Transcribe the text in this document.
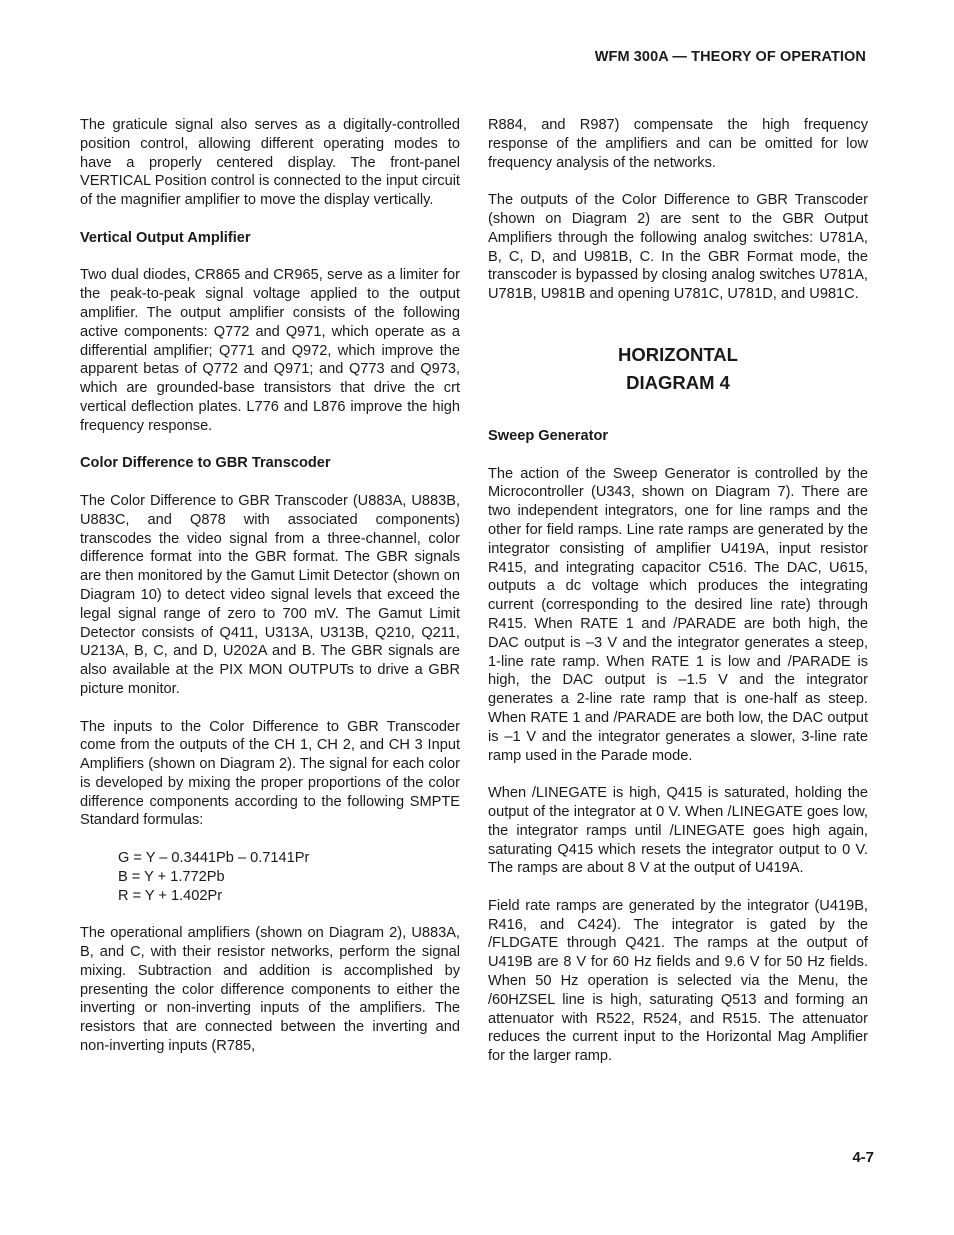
WFM 300A — THEORY OF OPERATION

The graticule signal also serves as a digitally-controlled position control, allowing different operating modes to have a properly centered display. The front-panel VERTICAL Position control is connected to the input circuit of the magnifier amplifier to move the display vertically.

Vertical Output Amplifier

Two dual diodes, CR865 and CR965, serve as a limiter for the peak-to-peak signal voltage applied to the output amplifier. The output amplifier consists of the following active components: Q772 and Q971, which operate as a differential amplifier; Q771 and Q972, which improve the apparent betas of Q772 and Q971; and Q773 and Q973, which are grounded-base transistors that drive the crt vertical deflection plates. L776 and L876 improve the high frequency response.

Color Difference to GBR Transcoder

The Color Difference to GBR Transcoder (U883A, U883B, U883C, and Q878 with associated components) transcodes the video signal from a three-channel, color difference format into the GBR format. The GBR signals are then monitored by the Gamut Limit Detector (shown on Diagram 10) to detect video signal levels that exceed the legal signal range of zero to 700 mV. The Gamut Limit Detector consists of Q411, U313A, U313B, Q210, Q211, U213A, B, C, and D, U202A and B. The GBR signals are also available at the PIX MON OUTPUTs to drive a GBR picture monitor.

The inputs to the Color Difference to GBR Transcoder come from the outputs of the CH 1, CH 2, and CH 3 Input Amplifiers (shown on Diagram 2). The signal for each color is developed by mixing the proper proportions of the color difference components according to the following SMPTE Standard formulas:

G = Y – 0.3441Pb – 0.7141Pr
B = Y + 1.772Pb
R = Y + 1.402Pr

The operational amplifiers (shown on Diagram 2), U883A, B, and C, with their resistor networks, perform the signal mixing. Subtraction and addition is accomplished by presenting the color difference components to either the inverting or non-inverting inputs of the amplifiers. The resistors that are connected between the inverting and non-inverting inputs (R785,

R884, and R987) compensate the high frequency response of the amplifiers and can be omitted for low frequency analysis of the networks.

The outputs of the Color Difference to GBR Transcoder (shown on Diagram 2) are sent to the GBR Output Amplifiers through the following analog switches: U781A, B, C, D, and U981B, C. In the GBR Format mode, the transcoder is bypassed by closing analog switches U781A, U781B, U981B and opening U781C, U781D, and U981C.

HORIZONTAL
DIAGRAM 4
Sweep Generator

The action of the Sweep Generator is controlled by the Microcontroller (U343, shown on Diagram 7). There are two independent integrators, one for line ramps and the other for field ramps. Line rate ramps are generated by the integrator consisting of amplifier U419A, input resistor R415, and integrating capacitor C516. The DAC, U615, outputs a dc voltage which produces the integrating current (corresponding to the desired line rate) through R415. When RATE 1 and /PARADE are both high, the DAC output is –3 V and the integrator generates a steep, 1-line rate ramp. When RATE 1 is low and /PARADE is high, the DAC output is –1.5 V and the integrator generates a 2-line rate ramp that is one-half as steep. When RATE 1 and /PARADE are both low, the DAC output is –1 V and the integrator generates a slower, 3-line rate ramp used in the Parade mode.

When /LINEGATE is high, Q415 is saturated, holding the output of the integrator at 0 V. When /LINEGATE goes low, the integrator ramps until /LINEGATE goes high again, saturating Q415 which resets the integrator output to 0 V. The ramps are about 8 V at the output of U419A.

Field rate ramps are generated by the integrator (U419B, R416, and C424). The integrator is gated by the /FLDGATE through Q421. The ramps at the output of U419B are 8 V for 60 Hz fields and 9.6 V for 50 Hz fields. When 50 Hz operation is selected via the Menu, the /60HZSEL line is high, saturating Q513 and forming an attenuator with R522, R524, and R515. The attenuator reduces the current input to the Horizontal Mag Amplifier for the larger ramp.

4-7
